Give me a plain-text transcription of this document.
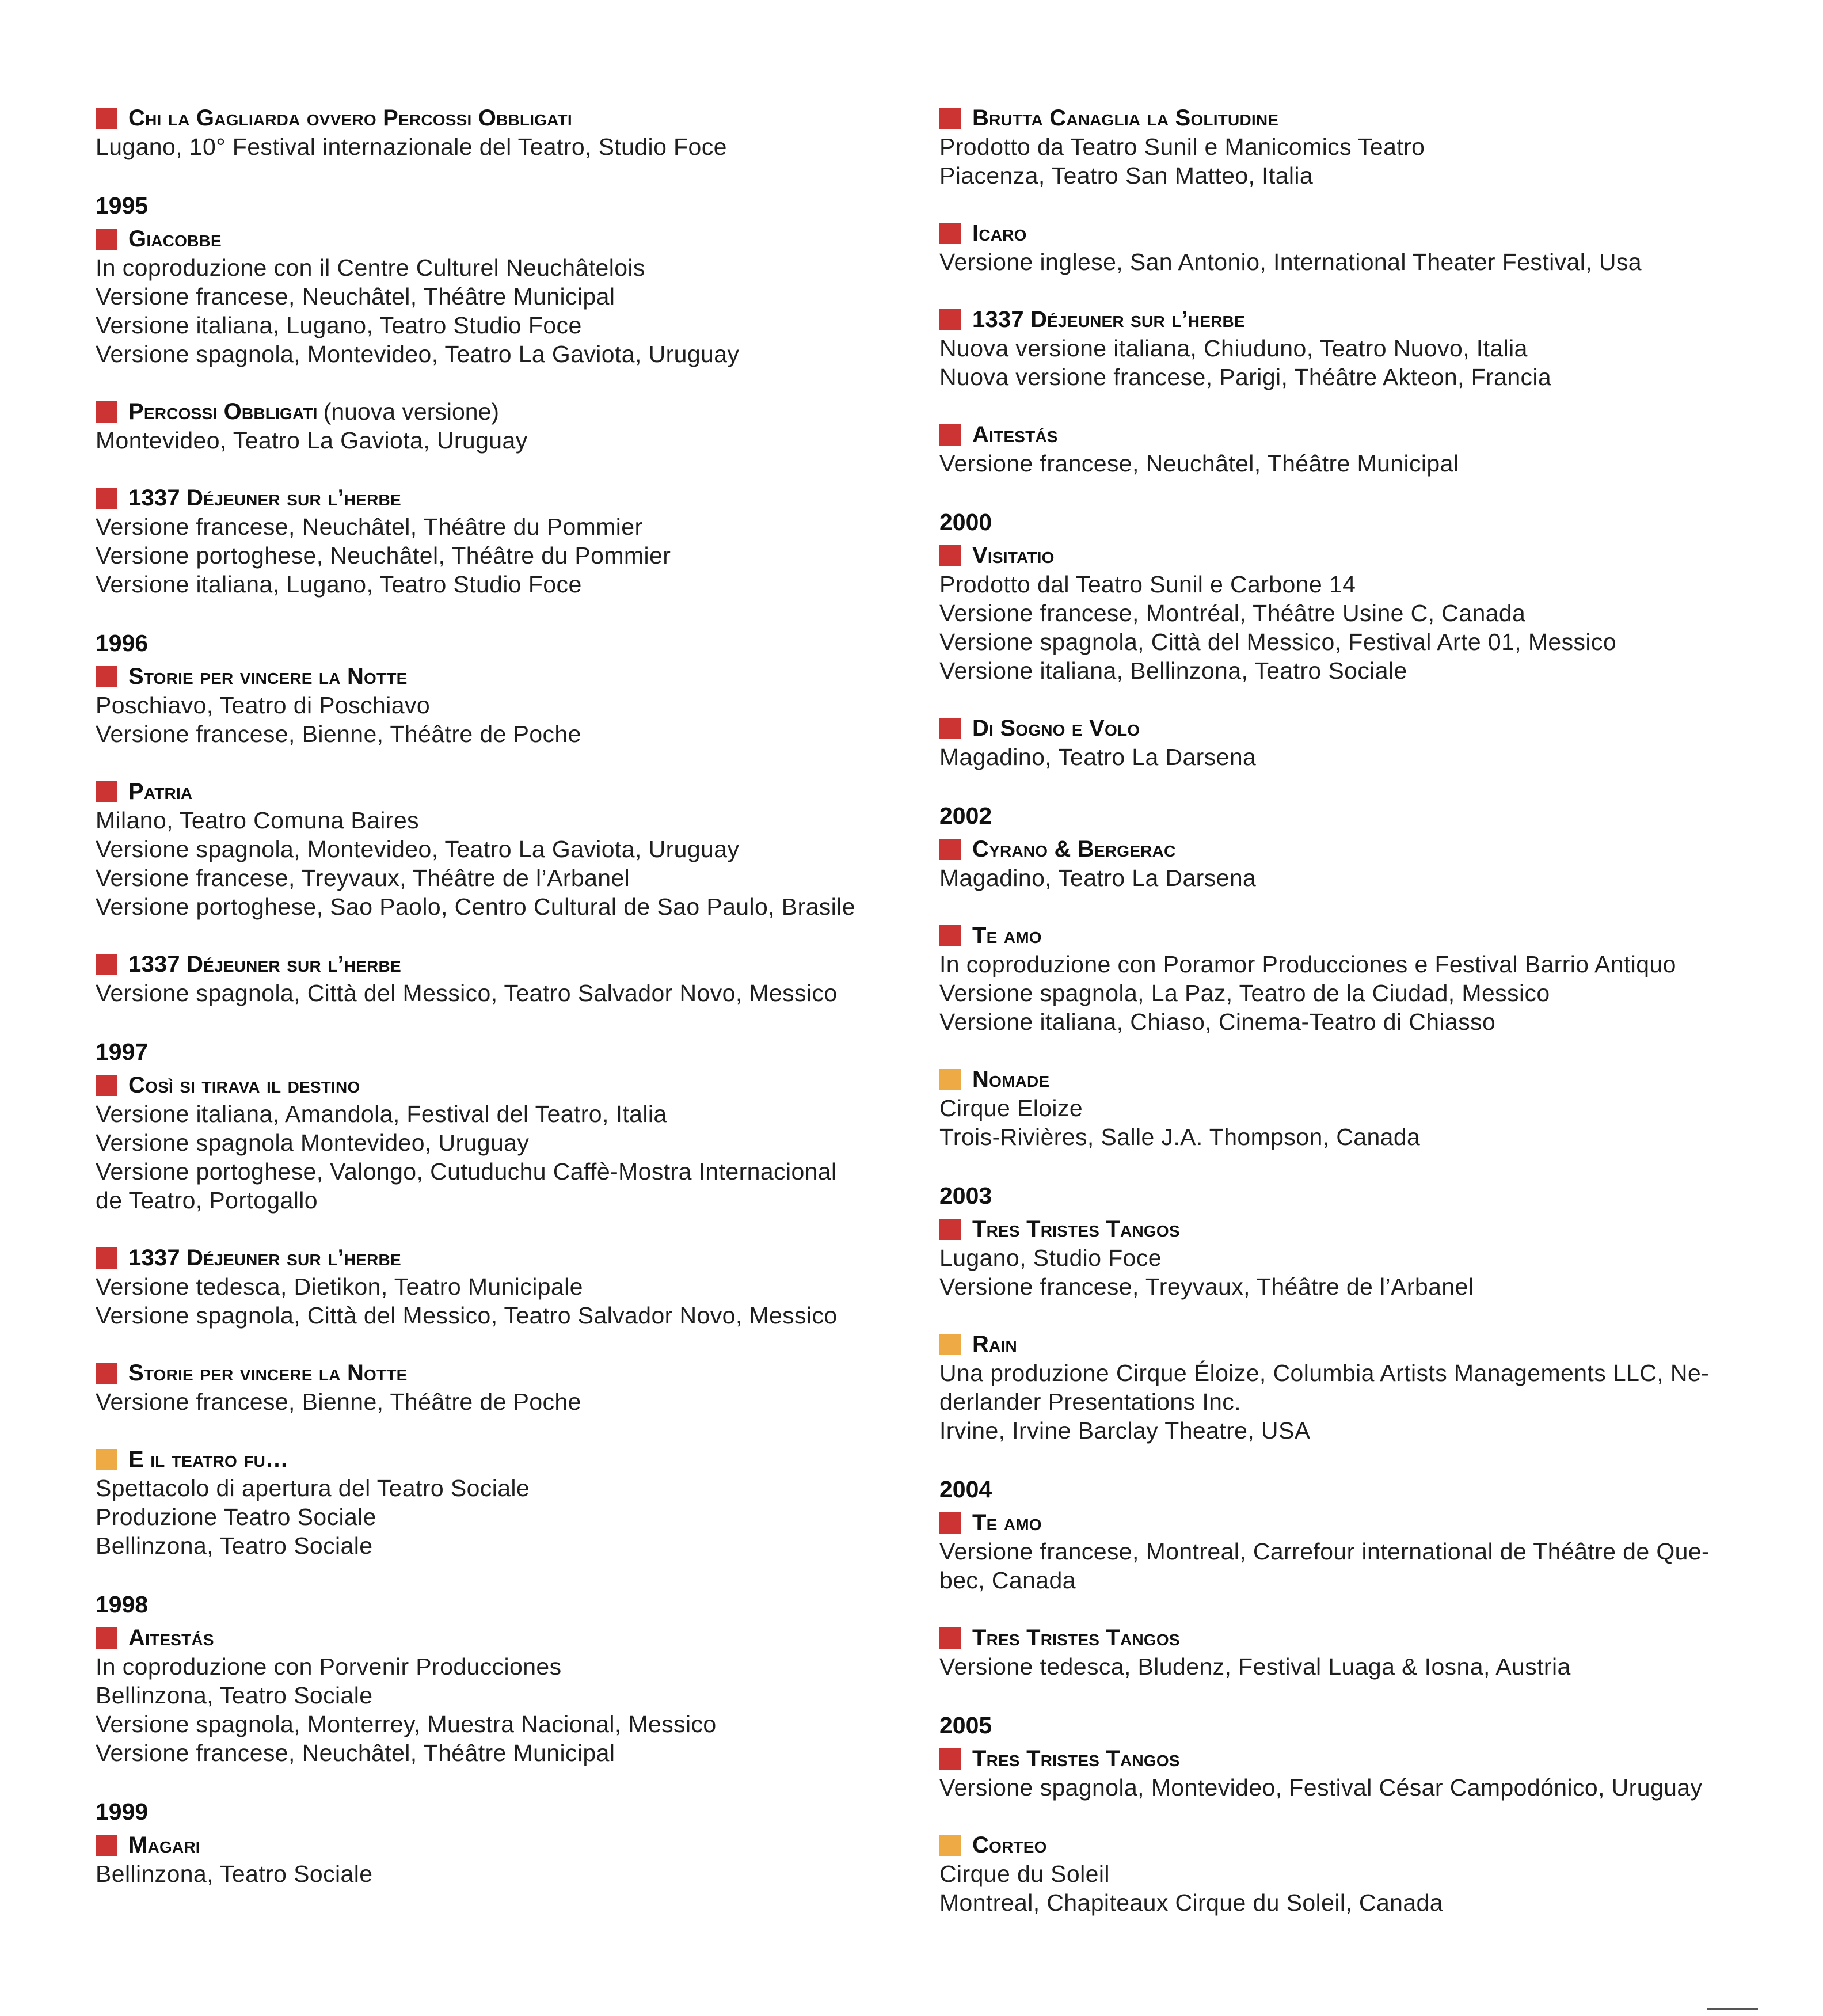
Chi la Gagliarda ovvero Percossi Obbligati
Lugano, 10° Festival internazionale del Teatro, Studio Foce
1995
Giacobbe
In coproduzione con il Centre Culturel Neuchâtelois
Versione francese, Neuchâtel, Théâtre Municipal
Versione italiana, Lugano, Teatro Studio Foce
Versione spagnola, Montevideo, Teatro La Gaviota, Uruguay
Percossi Obbligati (nuova versione)
Montevideo, Teatro La Gaviota, Uruguay
1337 Déjeuner sur l’herbe
Versione francese, Neuchâtel, Théâtre du Pommier
Versione portoghese, Neuchâtel, Théâtre du Pommier
Versione italiana, Lugano, Teatro Studio Foce
1996
Storie per vincere la Notte
Poschiavo, Teatro di Poschiavo
Versione francese, Bienne, Théâtre de Poche
Patria
Milano, Teatro Comuna Baires
Versione spagnola, Montevideo, Teatro La Gaviota, Uruguay
Versione francese, Treyvaux, Théâtre de l’Arbanel
Versione portoghese, Sao Paolo, Centro Cultural de Sao Paulo, Brasile
1337 Déjeuner sur l’herbe
Versione spagnola, Città del Messico, Teatro Salvador Novo, Messico
1997
Così si tirava il destino
Versione italiana, Amandola, Festival del Teatro, Italia
Versione spagnola Montevideo, Uruguay
Versione portoghese, Valongo, Cutuduchu Caffè-Mostra Internacional
de Teatro, Portogallo
1337 Déjeuner sur l’herbe
Versione tedesca, Dietikon, Teatro Municipale
Versione spagnola, Città del Messico, Teatro Salvador Novo, Messico
Storie per vincere la Notte
Versione francese, Bienne, Théâtre de Poche
E il teatro fu…
Spettacolo di apertura del Teatro Sociale
Produzione Teatro Sociale
Bellinzona, Teatro Sociale
1998
Aitestás
In coproduzione con Porvenir Producciones
Bellinzona, Teatro Sociale
Versione spagnola, Monterrey, Muestra Nacional, Messico
Versione francese, Neuchâtel, Théâtre Municipal
1999
Magari
Bellinzona, Teatro Sociale
Brutta Canaglia la Solitudine
Prodotto da Teatro Sunil e Manicomics Teatro
Piacenza, Teatro San Matteo, Italia
Icaro
Versione inglese, San Antonio, International Theater Festival, Usa
1337 Déjeuner sur l’herbe
Nuova versione italiana, Chiuduno, Teatro Nuovo, Italia
Nuova versione francese, Parigi, Théâtre Akteon, Francia
Aitestás
Versione francese, Neuchâtel, Théâtre Municipal
2000
Visitatio
Prodotto dal Teatro Sunil e Carbone 14
Versione francese, Montréal, Théâtre Usine C, Canada
Versione spagnola, Città del Messico, Festival Arte 01, Messico
Versione italiana, Bellinzona, Teatro Sociale
Di Sogno e Volo
Magadino, Teatro La Darsena
2002
Cyrano & Bergerac
Magadino, Teatro La Darsena
Te amo
In coproduzione con Poramor Producciones e Festival Barrio Antiquo
Versione spagnola, La Paz, Teatro de la Ciudad, Messico
Versione italiana, Chiaso, Cinema-Teatro di Chiasso
Nomade
Cirque Eloize
Trois-Rivières, Salle J.A. Thompson, Canada
2003
Tres Tristes Tangos
Lugano, Studio Foce
Versione francese, Treyvaux, Théâtre de l’Arbanel
Rain
Una produzione Cirque Éloize, Columbia Artists Managements LLC, Ne-
derlander Presentations Inc.
Irvine, Irvine Barclay Theatre, USA
2004
Te amo
Versione francese, Montreal, Carrefour international de Théâtre de Que-
bec, Canada
Tres Tristes Tangos
Versione tedesca, Bludenz, Festival Luaga & Iosna, Austria
2005
Tres Tristes Tangos
Versione spagnola, Montevideo, Festival César Campodónico, Uruguay
Corteo
Cirque du Soleil
Montreal, Chapiteaux Cirque du Soleil, Canada
